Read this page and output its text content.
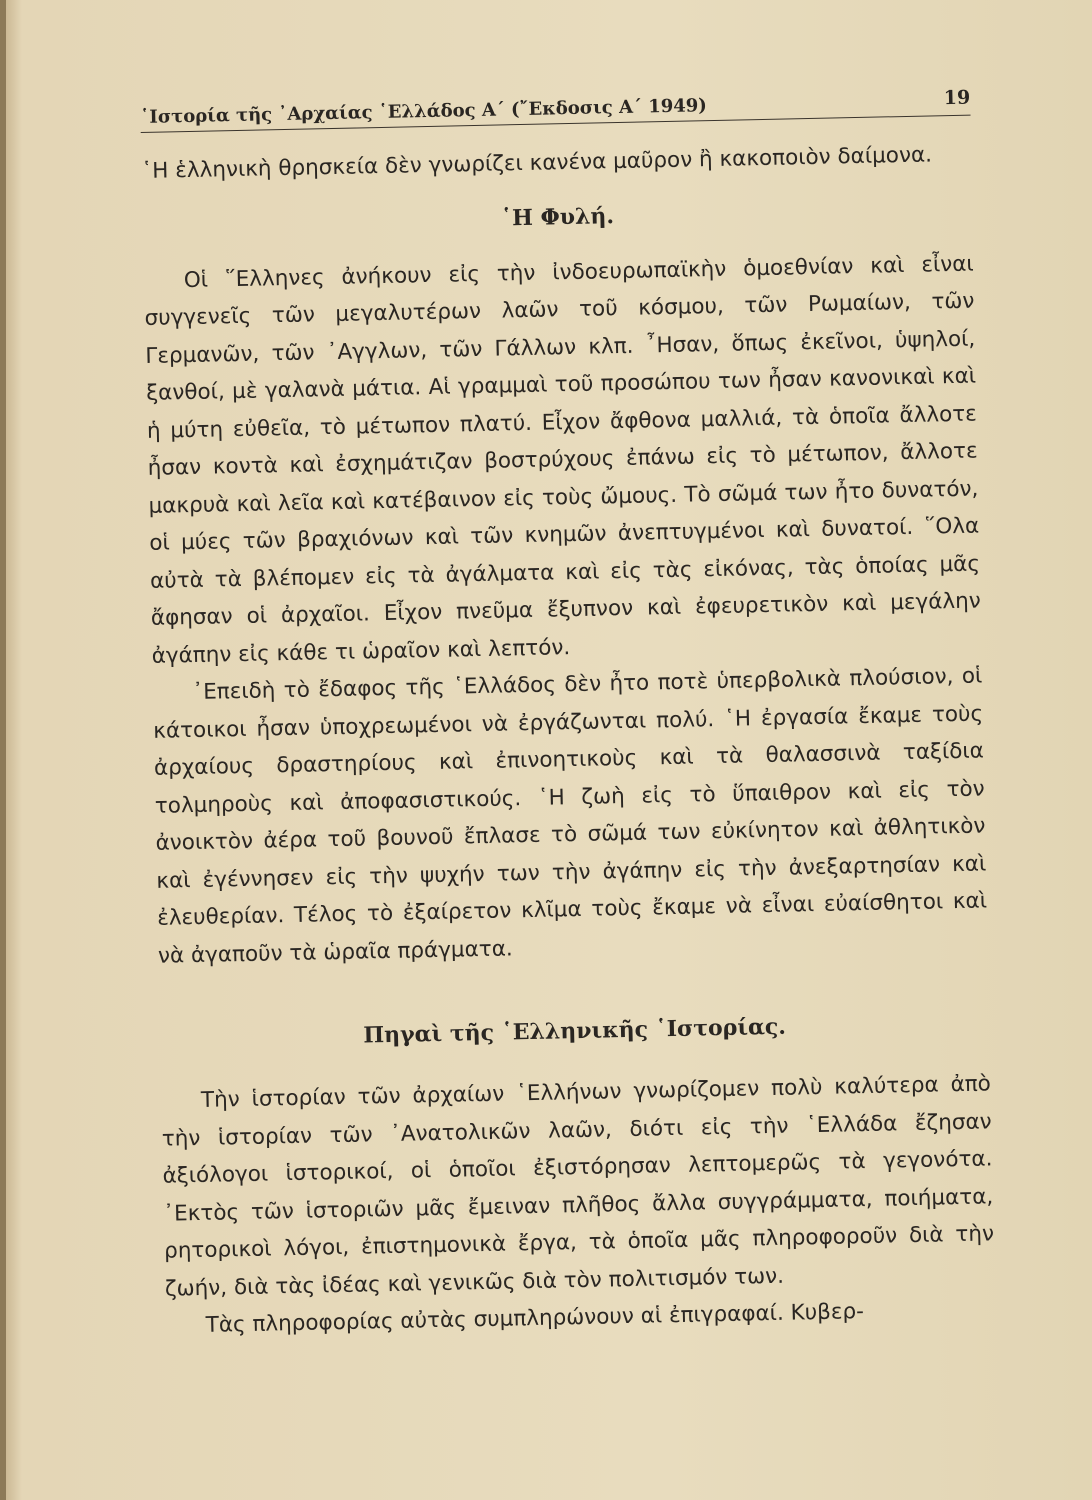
῾Ιστορία τῆς ᾿Αρχαίας ῾Ελλάδος Α΄ (῎Εκδοσις Α΄ 1949)	19

῾Η ἑλληνικὴ θρησκεία δὲν γνωρίζει κανένα μαῦρον ἢ κακοποιὸν δαίμονα.

῾Η Φυλή.

Οἱ ῞Ελληνες ἀνήκουν εἰς τὴν ἰνδοευρωπαϊκὴν ὁμοεθνίαν καὶ εἶναι συγγενεῖς τῶν μεγαλυτέρων λαῶν τοῦ κόσμου, τῶν Ρωμαίων, τῶν Γερμανῶν, τῶν ᾿Αγγλων, τῶν Γάλλων κλπ. ῏Ησαν, ὅπως ἐκεῖνοι, ὑψηλοί, ξανθοί, μὲ γαλανὰ μάτια. Αἱ γραμμαὶ τοῦ προσώπου των ἦσαν κανονικαὶ καὶ ἡ μύτη εὐθεῖα, τὸ μέτωπον πλατύ. Εἶχον ἄφθονα μαλλιά, τὰ ὁποῖα ἄλλοτε ἦσαν κοντὰ καὶ ἐσχημάτιζαν βοστρύχους ἐπάνω εἰς τὸ μέτωπον, ἄλλοτε μακρυὰ καὶ λεῖα καὶ κατέβαινον εἰς τοὺς ὤμους. Τὸ σῶμά των ἦτο δυνατόν, οἱ μύες τῶν βραχιόνων καὶ τῶν κνημῶν ἀνεπτυγμένοι καὶ δυνατοί. ῞Ολα αὐτὰ τὰ βλέπομεν εἰς τὰ ἀγάλματα καὶ εἰς τὰς εἰκόνας, τὰς ὁποίας μᾶς ἄφησαν οἱ ἀρχαῖοι. Εἶχον πνεῦμα ἔξυπνον καὶ ἐφευρετικὸν καὶ μεγάλην ἀγάπην εἰς κάθε τι ὡραῖον καὶ λεπτόν.

᾿Επειδὴ τὸ ἔδαφος τῆς ῾Ελλάδος δὲν ἦτο ποτὲ ὑπερβολικὰ πλούσιον, οἱ κάτοικοι ἦσαν ὑποχρεωμένοι νὰ ἐργάζωνται πολύ. ῾Η ἐργασία ἔκαμε τοὺς ἀρχαίους δραστηρίους καὶ ἐπινοητικοὺς καὶ τὰ θαλασσινὰ ταξίδια τολμηροὺς καὶ ἀποφασιστικούς. ῾Η ζωὴ εἰς τὸ ὕπαιθρον καὶ εἰς τὸν ἀνοικτὸν ἀέρα τοῦ βουνοῦ ἔπλασε τὸ σῶμά των εὐκίνητον καὶ ἀθλητικὸν καὶ ἐγέννησεν εἰς τὴν ψυχήν των τὴν ἀγάπην εἰς τὴν ἀνεξαρτησίαν καὶ ἐλευθερίαν. Τέλος τὸ ἐξαίρετον κλῖμα τοὺς ἔκαμε νὰ εἶναι εὐαίσθητοι καὶ νὰ ἀγαποῦν τὰ ὡραῖα πράγματα.

Πηγαὶ τῆς ῾Ελληνικῆς ῾Ιστορίας.

Τὴν ἱστορίαν τῶν ἀρχαίων ῾Ελλήνων γνωρίζομεν πολὺ καλύτερα ἀπὸ τὴν ἱστορίαν τῶν ᾿Ανατολικῶν λαῶν, διότι εἰς τὴν ῾Ελλάδα ἔζησαν ἀξιόλογοι ἱστορικοί, οἱ ὁποῖοι ἐξιστόρησαν λεπτομερῶς τὰ γεγονότα. ᾿Εκτὸς τῶν ἱστοριῶν μᾶς ἔμειναν πλῆθος ἄλλα συγγράμματα, ποιήματα, ρητορικοὶ λόγοι, ἐπιστημονικὰ ἔργα, τὰ ὁποῖα μᾶς πληροφοροῦν διὰ τὴν ζωήν, διὰ τὰς ἰδέας καὶ γενικῶς διὰ τὸν πολιτισμόν των.

Τὰς πληροφορίας αὐτὰς συμπληρώνουν αἱ ἐπιγραφαί. Κυβερ-
